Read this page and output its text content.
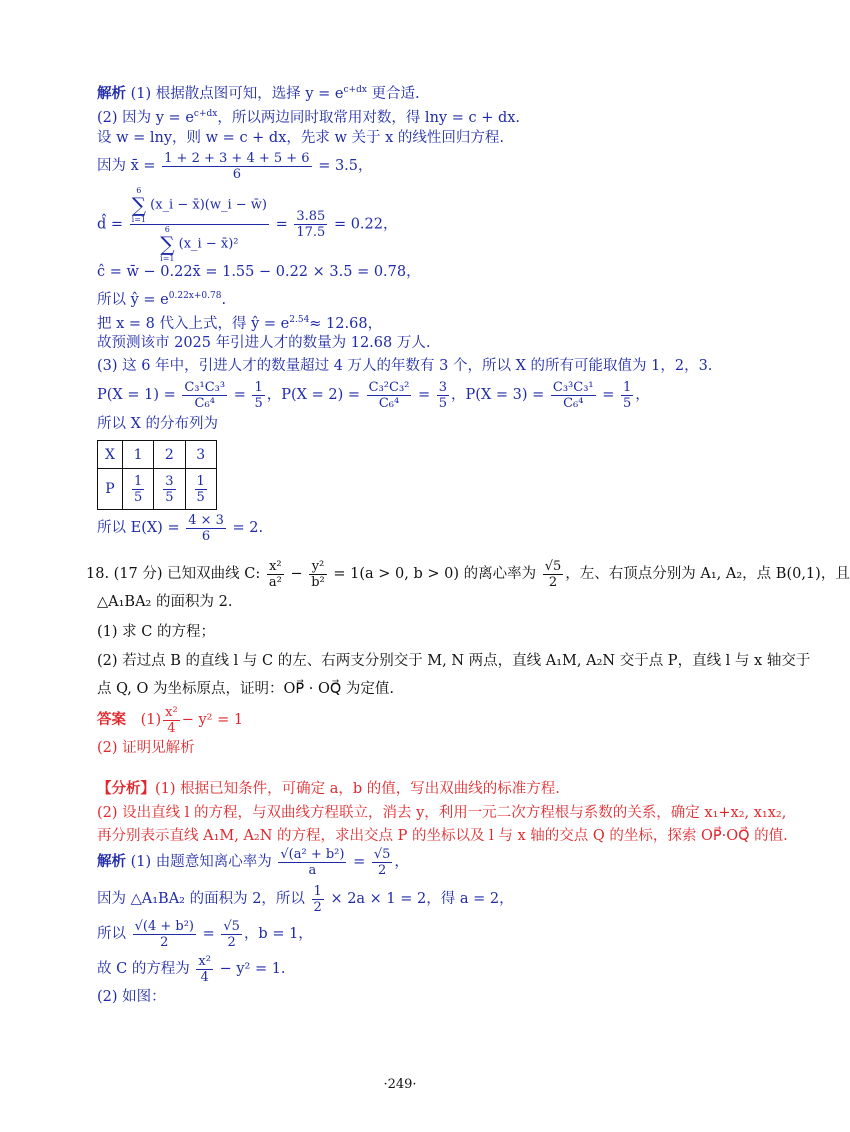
解析 (1) 根据散点图可知，选择 $y = e^{c+dx}$ 更合适.
(2) 因为 $y = e^{c+dx}$，所以两边同时取常用对数，得 lny = c + dx.
设 w = lny，则 w = c + dx，先求 w 关于 x 的线性回归方程.
因为 x̄ = $\frac{1 + 2 + 3 + 4 + 5 + 6}{6} = 3.5$，
d̂ = 6
∑
i=1
(x_i − x̄)(w_i − w̄)
6
∑
i=1
(x_i − x̄)² = $\frac{3.85}{17.5} = 0.22$，
ĉ = w̄ − 0.22x̄ = 1.55 − 0.22 × 3.5 = 0.78，
所以 ŷ = $e^{0.22x+0.78}$.
把 x = 8 代入上式，得 ŷ = $e^{2.54}\approx 12.68$，
故预测该市 2025 年引进人才的数量为 12.68 万人.
(3) 这 6 年中，引进人才的数量超过 4 万人的年数有 3 个，所以 X 的所有可能取值为 1，2，3.
$P(X = 1) = \frac{\text{C₃¹C₃³}}{\text{C₆⁴}} = \frac{1}{5}$ ，$P(X = 2) = \frac{\text{C₃²C₃²}}{\text{C₆⁴}} = \frac{3}{5}$ ，$P(X = 3) = \frac{\text{C₃³C₃¹}}{\text{C₆⁴}} = \frac{1}{5}$ ，
所以 X 的分布列为
X	1	2	3
P	$\frac{1}{5}$	$\frac{3}{5}$	$\frac{1}{5}$
所以 $E(X) = \frac{4 \times 3}{6} = 2$.
18. (17 分) 已知双曲线 C: $\frac{\text{x²}}{\text{a²}} - \frac{\text{y²}}{\text{b²}} = 1(a > 0$, b > 0) 的离心率为 $\frac{√5}{2}$ ，左、右顶点分别为 A₁, A₂，点 B(0,1)，且
△A₁BA₂ 的面积为 2.
(1) 求 C 的方程；
(2) 若过点 B 的直线 l 与 C 的左、右两支分别交于 M, N 两点，直线 A₁M, A₂N 交于点 P，直线 l 与 x 轴交于
点 Q, O 为坐标原点，证明：OP⃗ · OQ⃗ 为定值.
答案 $(1) \frac{\text{x²}}{4} - y^2 = 1$
(2) 证明见解析
【分析】(1) 根据已知条件，可确定 a，b 的值，写出双曲线的标准方程.
(2) 设出直线 l 的方程，与双曲线方程联立，消去 y，利用一元二次方程根与系数的关系，确定 x₁+x₂, x₁x₂,
再分别表示直线 A₁M, A₂N 的方程，求出交点 P 的坐标以及 l 与 x 轴的交点 Q 的坐标，探索 OP⃗·OQ⃗ 的值.
解析 (1) 由题意知离心率为 $\frac{\text{√(a² + b²)}}{a} = \frac{√5}{2}$ ，
因为 △A₁BA₂ 的面积为 2，所以 $\frac{1}{2} \times 2a \times 1 = 2$，得 a = 2，
所以 $\frac{\text{√(4 + b²)}}{2} = \frac{√5}{2}$ ，b = 1，
故 C 的方程为 $\frac{\text{x²}}{4} - y^2 = 1$.
(2) 如图：
·249·
